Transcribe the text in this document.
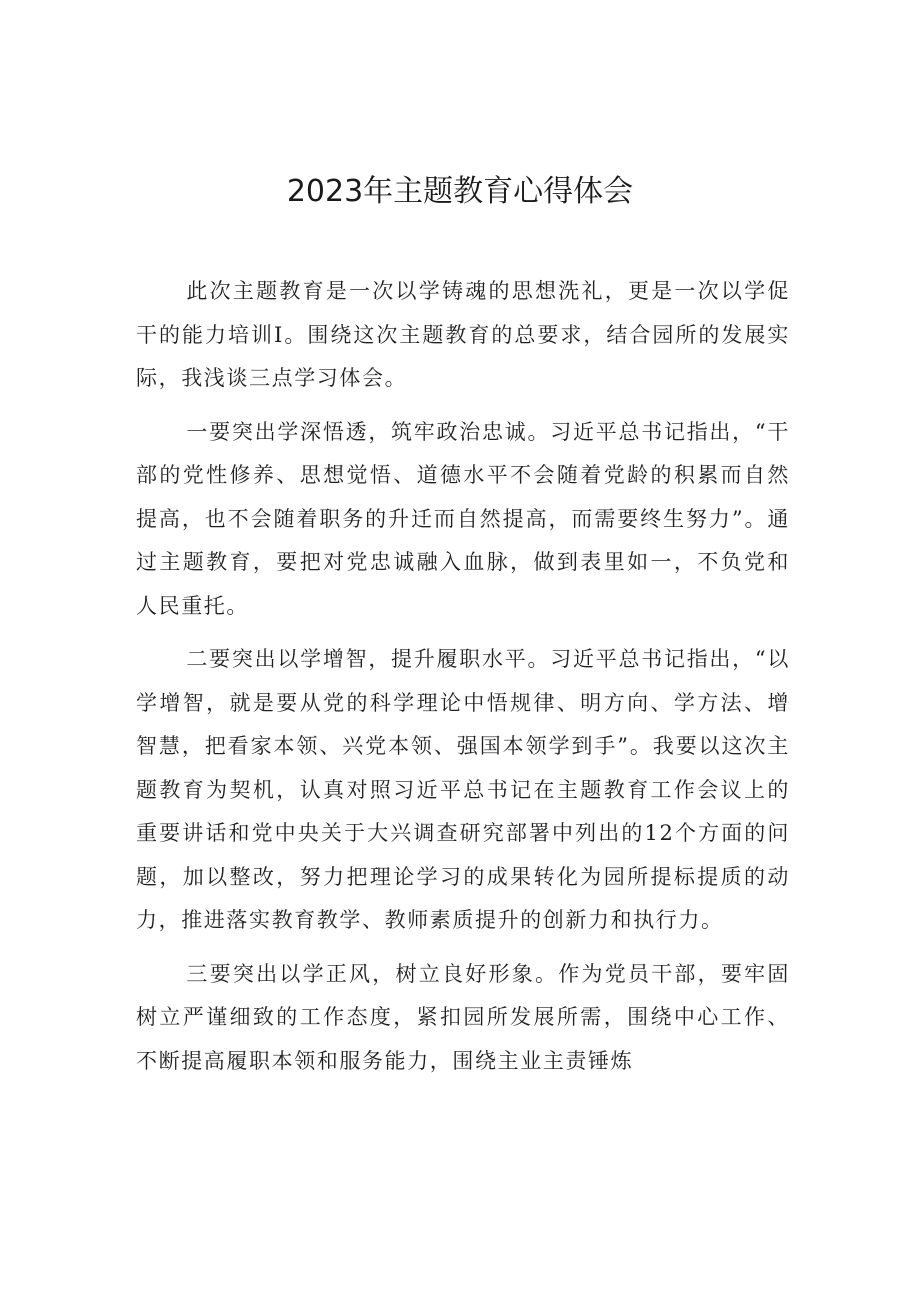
2023年主题教育心得体会

此次主题教育是一次以学铸魂的思想洗礼，更是一次以学促干的能力培训I。围绕这次主题教育的总要求，结合园所的发展实际，我浅谈三点学习体会。

一要突出学深悟透，筑牢政治忠诚。习近平总书记指出，“干部的党性修养、思想觉悟、道德水平不会随着党龄的积累而自然提高，也不会随着职务的升迁而自然提高，而需要终生努力”。通过主题教育，要把对党忠诚融入血脉，做到表里如一，不负党和人民重托。

二要突出以学增智，提升履职水平。习近平总书记指出，“以学增智，就是要从党的科学理论中悟规律、明方向、学方法、增智慧，把看家本领、兴党本领、强国本领学到手”。我要以这次主题教育为契机，认真对照习近平总书记在主题教育工作会议上的重要讲话和党中央关于大兴调查研究部署中列出的12个方面的问题，加以整改，努力把理论学习的成果转化为园所提标提质的动力，推进落实教育教学、教师素质提升的创新力和执行力。

三要突出以学正风，树立良好形象。作为党员干部，要牢固树立严谨细致的工作态度，紧扣园所发展所需，围绕中心工作、不断提高履职本领和服务能力，围绕主业主责锤炼
